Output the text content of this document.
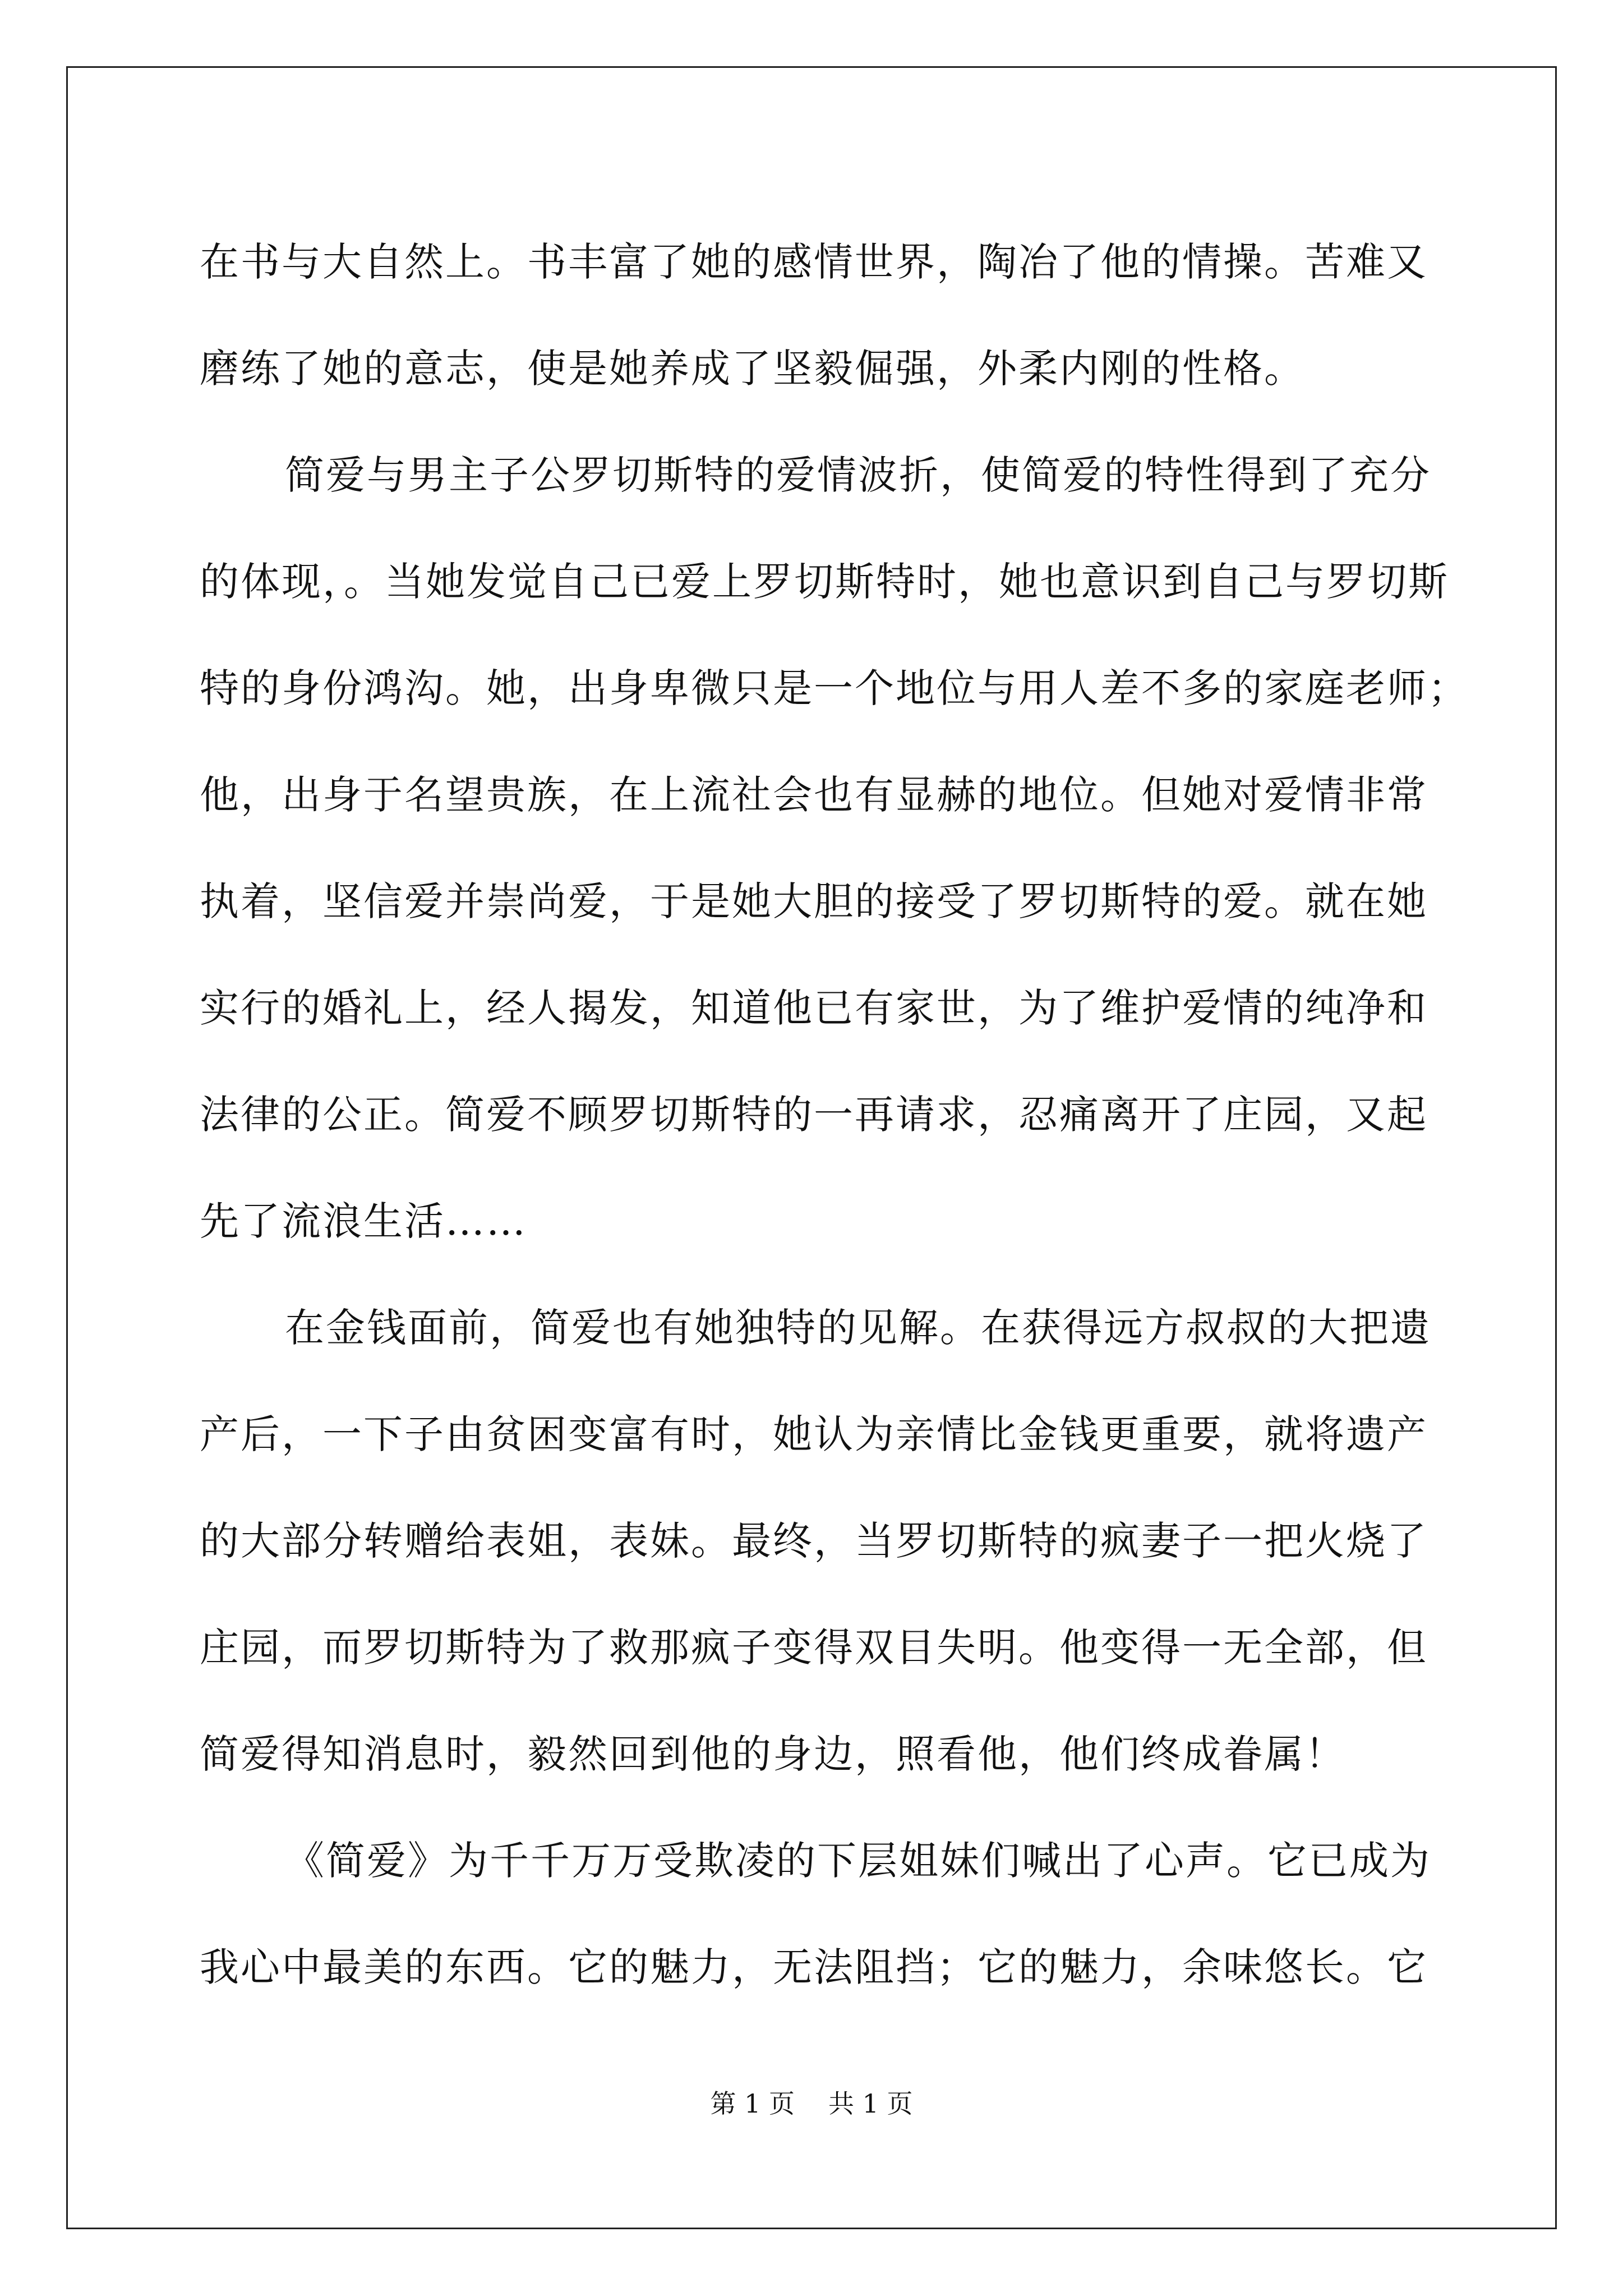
在书与大自然上。书丰富了她的感情世界，陶冶了他的情操。苦难又
磨练了她的意志，使是她养成了坚毅倔强，外柔内刚的性格。
简爱与男主子公罗切斯特的爱情波折，使简爱的特性得到了充分
的体现，。当她发觉自己已爱上罗切斯特时，她也意识到自己与罗切斯
特的身份鸿沟。她，出身卑微只是一个地位与用人差不多的家庭老师；
他，出身于名望贵族，在上流社会也有显赫的地位。但她对爱情非常
执着，坚信爱并崇尚爱，于是她大胆的接受了罗切斯特的爱。就在她
实行的婚礼上，经人揭发，知道他已有家世，为了维护爱情的纯净和
法律的公正。简爱不顾罗切斯特的一再请求，忍痛离开了庄园，又起
先了流浪生活……
在金钱面前，简爱也有她独特的见解。在获得远方叔叔的大把遗
产后，一下子由贫困变富有时，她认为亲情比金钱更重要，就将遗产
的大部分转赠给表姐，表妹。最终，当罗切斯特的疯妻子一把火烧了
庄园，而罗切斯特为了救那疯子变得双目失明。他变得一无全部，但
简爱得知消息时，毅然回到他的身边，照看他，他们终成眷属！
《简爱》为千千万万受欺凌的下层姐妹们喊出了心声。它已成为
我心中最美的东西。它的魅力，无法阻挡；它的魅力，余味悠长。它
第 1 页 共 1 页
